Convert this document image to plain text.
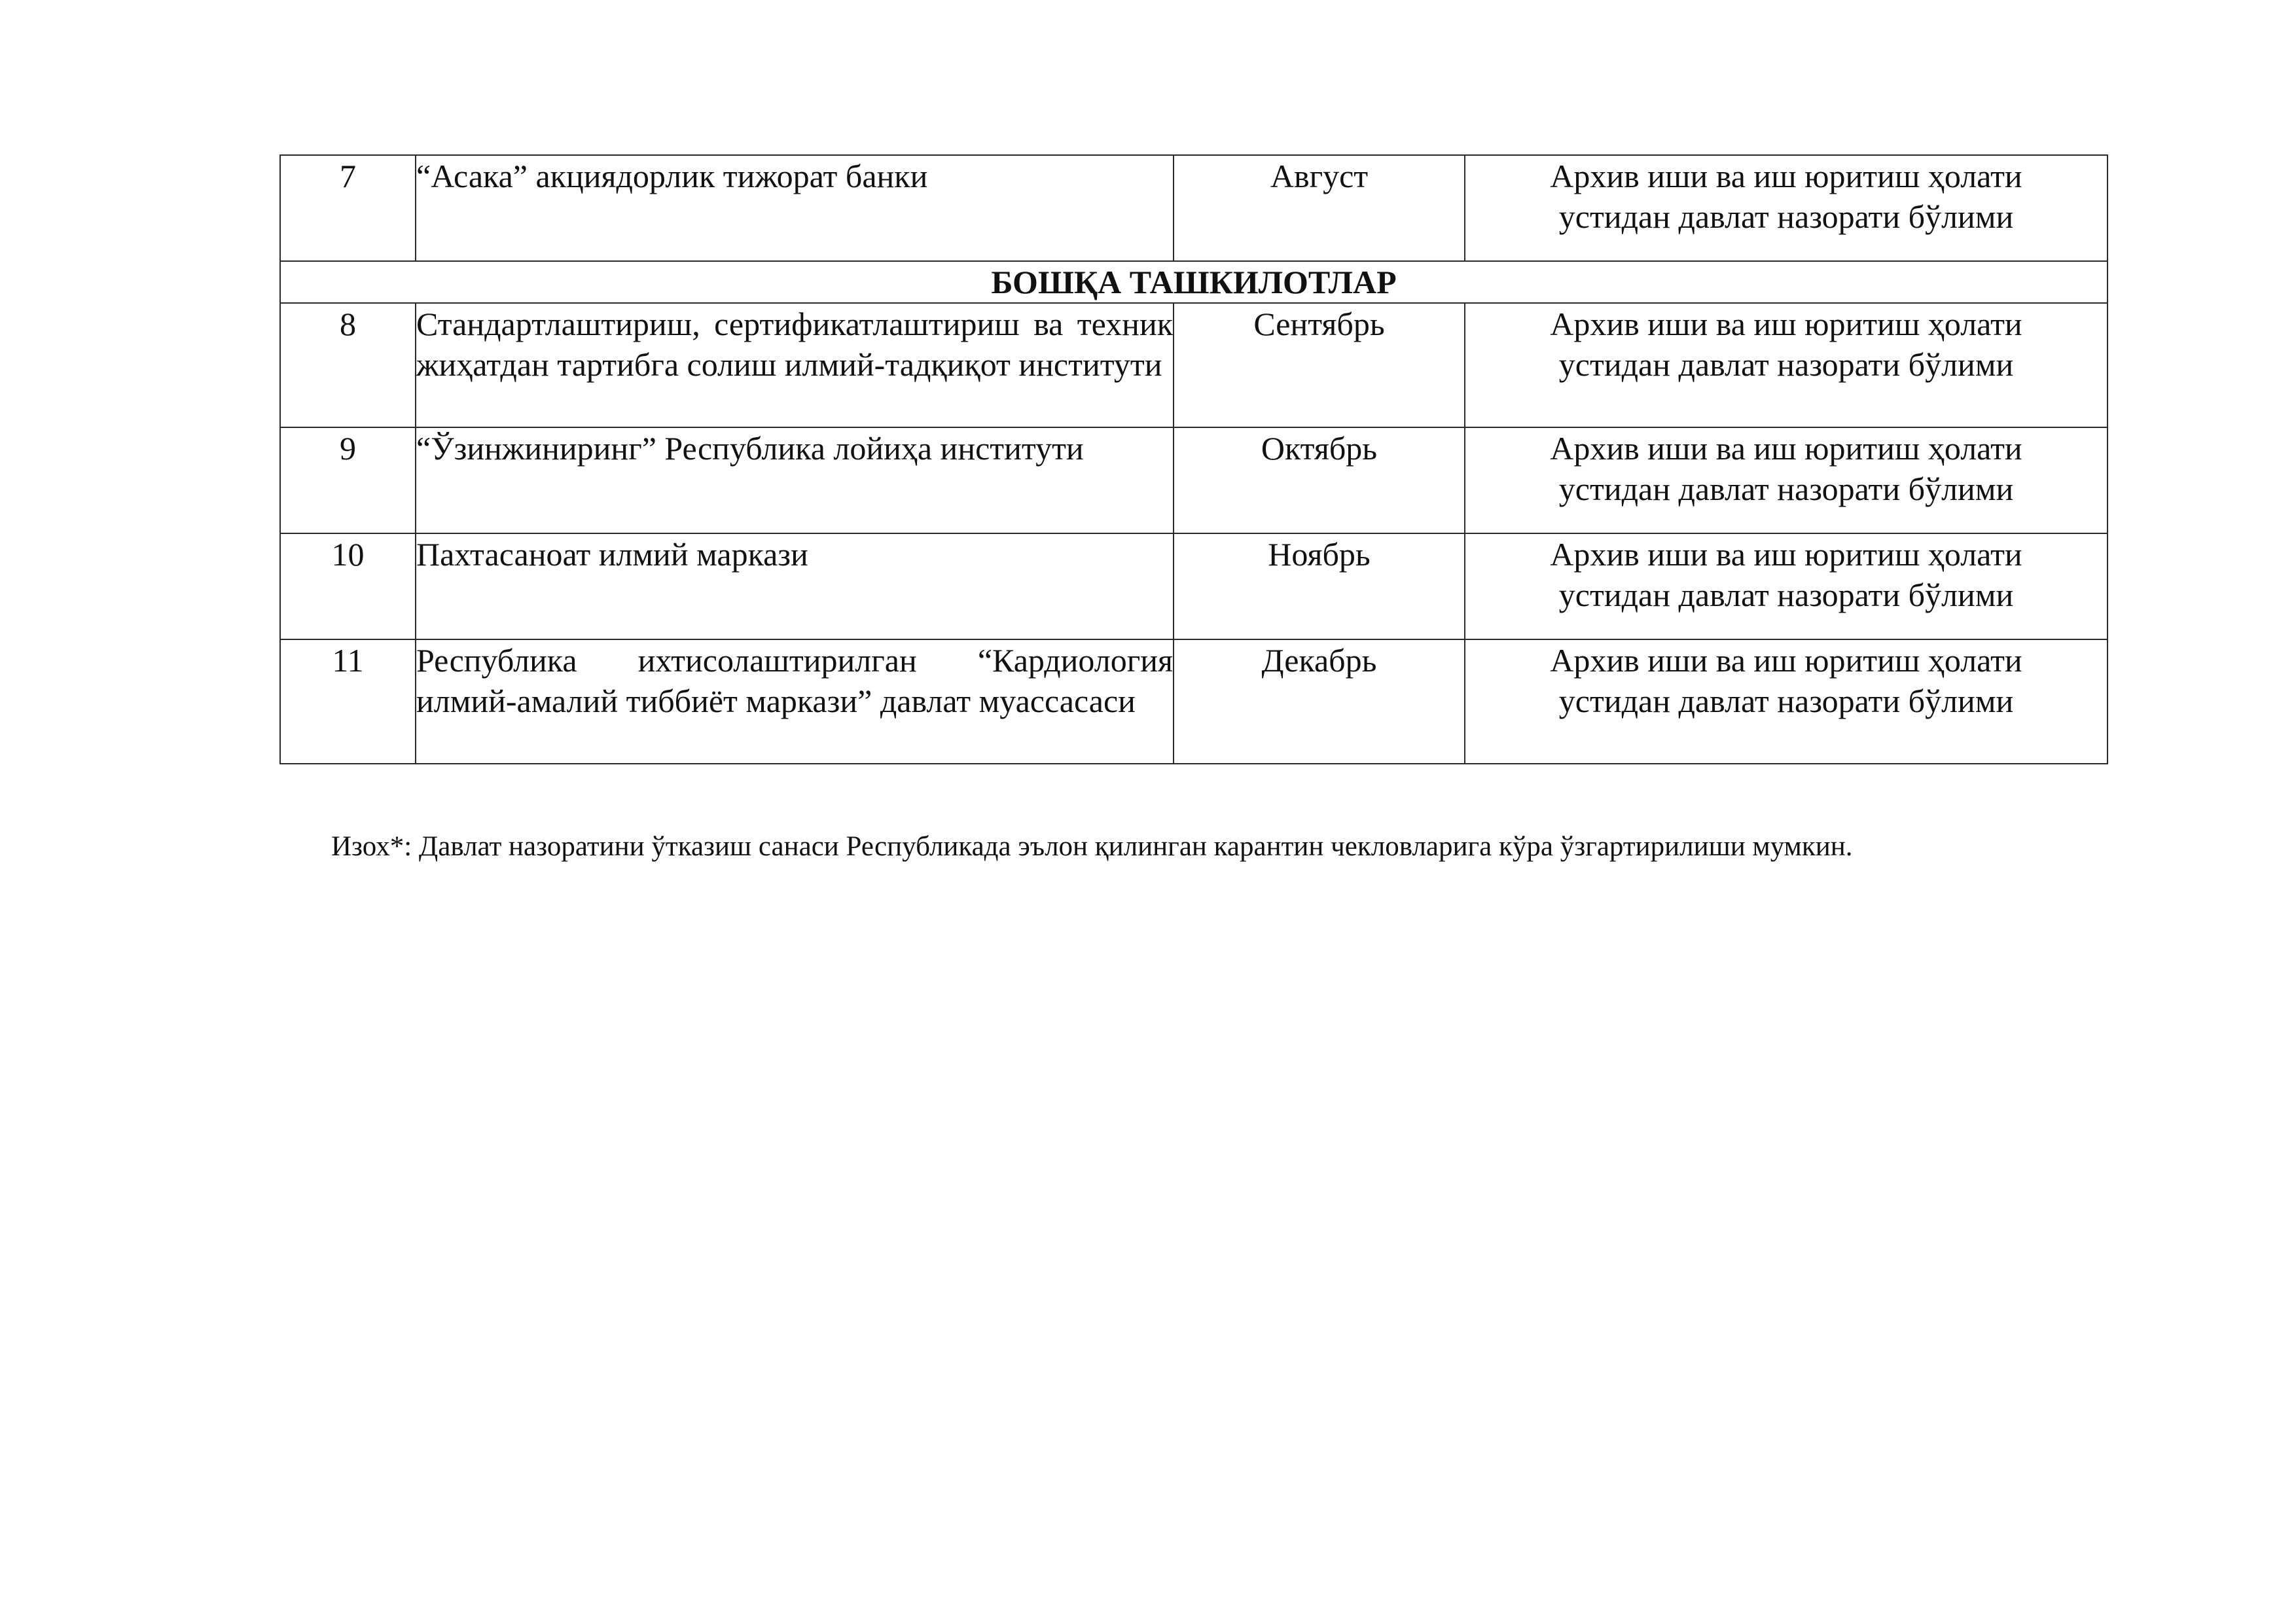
7	“Асака” акциядорлик тижорат банки	Август	Архив иши ва иш юритиш ҳолати
устидан давлат назорати бўлими
БОШҚА ТАШКИЛОТЛАР			
8	Стандартлаштириш, сертификатлаштириш ва техник жиҳатдан тартибга солиш илмий-тадқиқот институти	Сентябрь	Архив иши ва иш юритиш ҳолати
устидан давлат назорати бўлими
9	“Ўзинжиниринг” Республика лойиҳа институти	Октябрь	Архив иши ва иш юритиш ҳолати
устидан давлат назорати бўлими
10	Пахтасаноат илмий маркази	Ноябрь	Архив иши ва иш юритиш ҳолати
устидан давлат назорати бўлими
11	Республика ихтисолаштирилган “Кардиология илмий-амалий тиббиёт маркази” давлат муассасаси	Декабрь	Архив иши ва иш юритиш ҳолати
устидан давлат назорати бўлими
Изох*: Давлат назоратини ўтказиш санаси Республикада эълон қилинган карантин чекловларига кўра ўзгартирилиши мумкин.
